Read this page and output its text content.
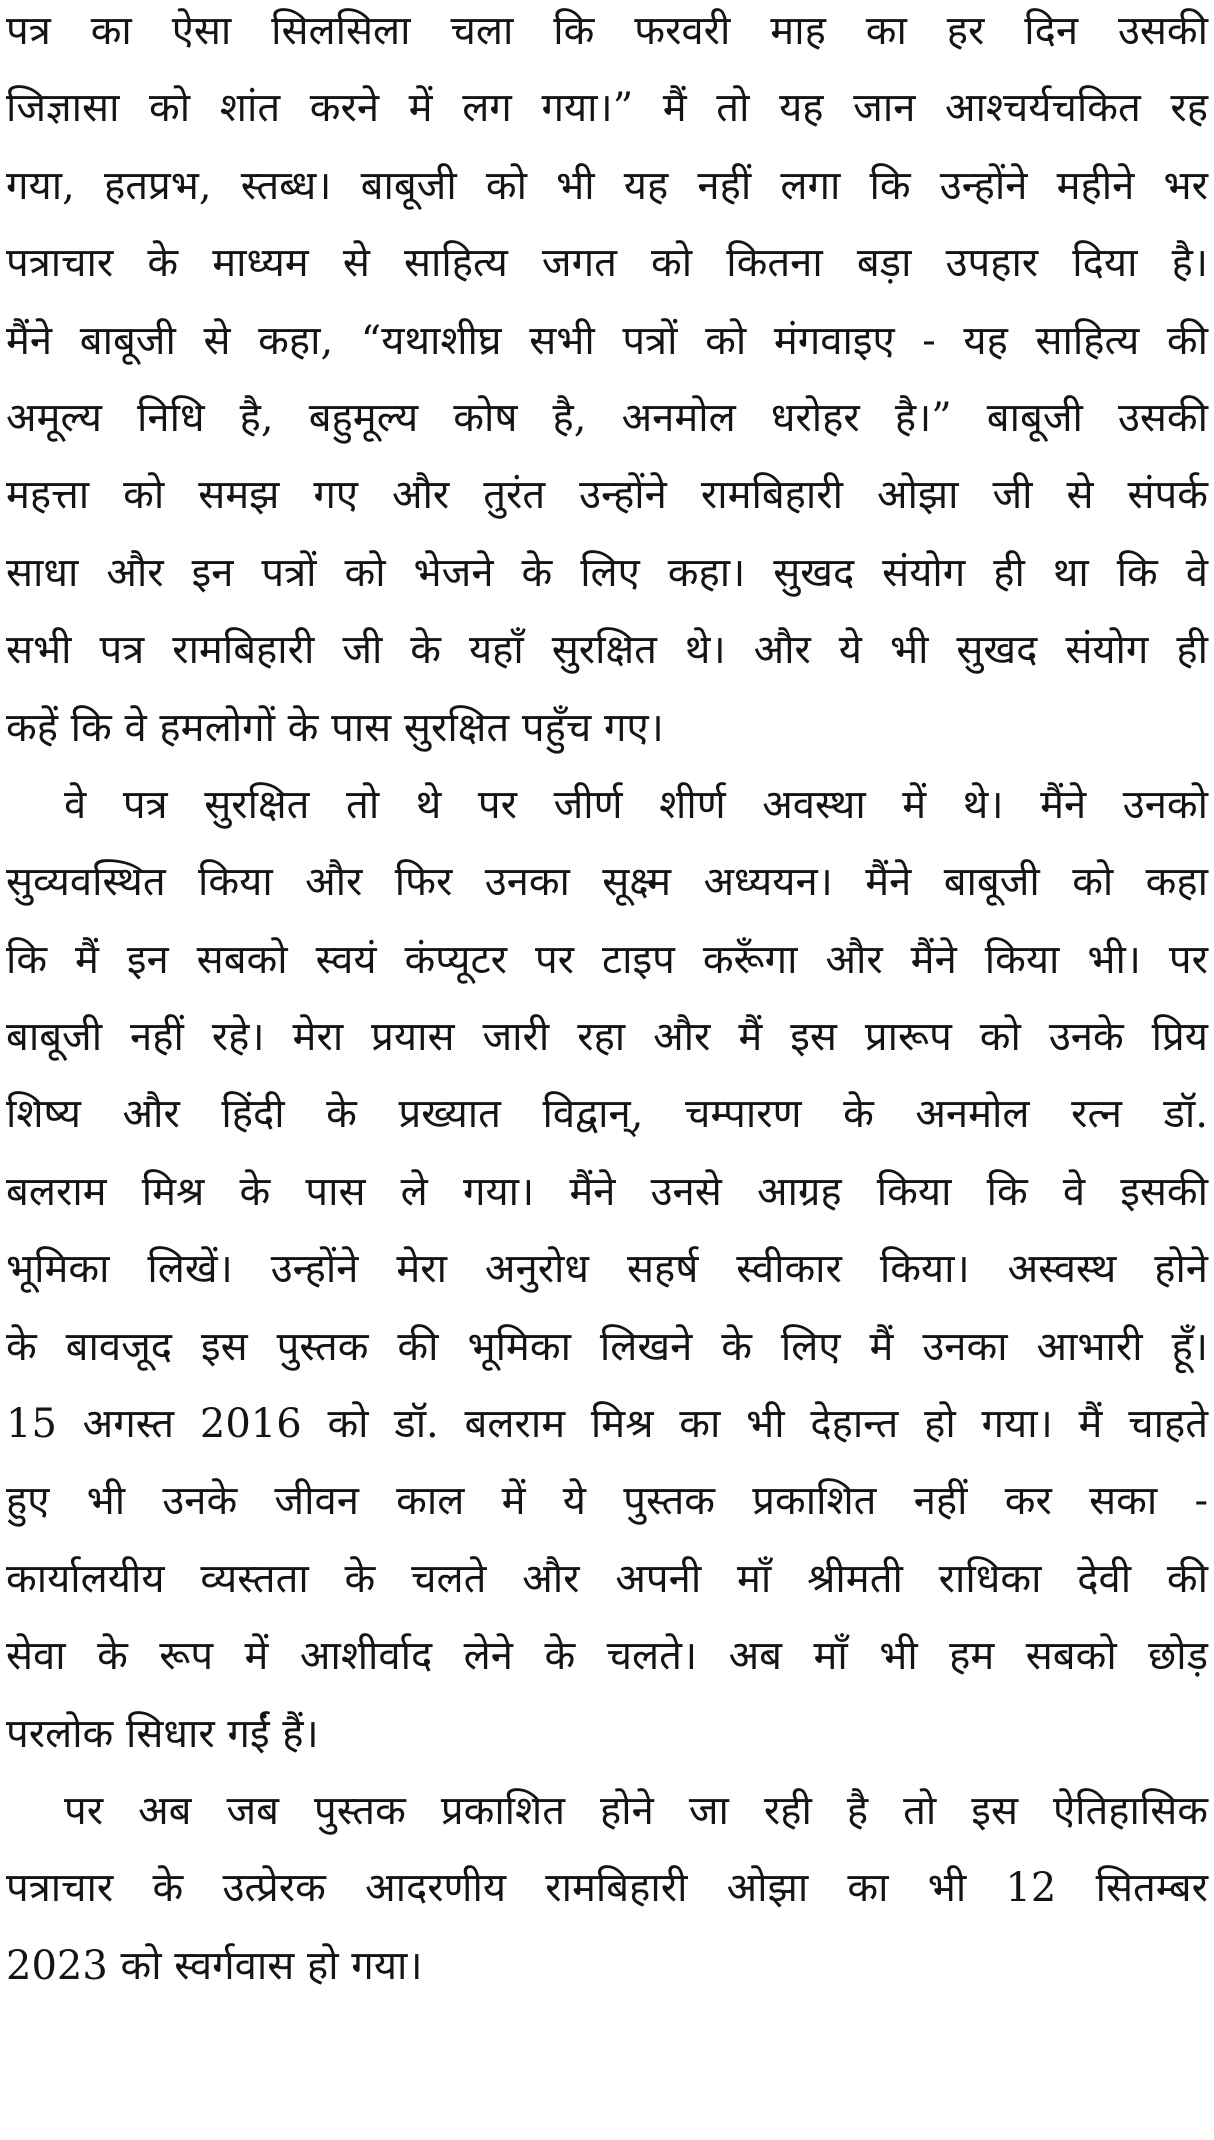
पत्र का ऐसा सिलसिला चला कि फरवरी माह का हर दिन उसकी
जिज्ञासा को शांत करने में लग गया।” मैं तो यह जान आश्चर्यचकित रह
गया, हतप्रभ, स्तब्ध। बाबूजी को भी यह नहीं लगा कि उन्होंने महीने भर
पत्राचार के माध्यम से साहित्य जगत को कितना बड़ा उपहार दिया है।
मैंने बाबूजी से कहा, “यथाशीघ्र सभी पत्रों को मंगवाइए - यह साहित्य की
अमूल्य निधि है, बहुमूल्य कोष है, अनमोल धरोहर है।” बाबूजी उसकी
महत्ता को समझ गए और तुरंत उन्होंने रामबिहारी ओझा जी से संपर्क
साधा और इन पत्रों को भेजने के लिए कहा। सुखद संयोग ही था कि वे
सभी पत्र रामबिहारी जी के यहाँ सुरक्षित थे। और ये भी सुखद संयोग ही
कहें कि वे हमलोगों के पास सुरक्षित पहुँच गए।
वे पत्र सुरक्षित तो थे पर जीर्ण शीर्ण अवस्था में थे। मैंने उनको
सुव्यवस्थित किया और फिर उनका सूक्ष्म अध्ययन। मैंने बाबूजी को कहा
कि मैं इन सबको स्वयं कंप्यूटर पर टाइप करूँगा और मैंने किया भी। पर
बाबूजी नहीं रहे। मेरा प्रयास जारी रहा और मैं इस प्रारूप को उनके प्रिय
शिष्य और हिंदी के प्रख्यात विद्वान्, चम्पारण के अनमोल रत्न डॉ.
बलराम मिश्र के पास ले गया। मैंने उनसे आग्रह किया कि वे इसकी
भूमिका लिखें। उन्होंने मेरा अनुरोध सहर्ष स्वीकार किया। अस्वस्थ होने
के बावजूद इस पुस्तक की भूमिका लिखने के लिए मैं उनका आभारी हूँ।
15 अगस्त 2016 को डॉ. बलराम मिश्र का भी देहान्त हो गया। मैं चाहते
हुए भी उनके जीवन काल में ये पुस्तक प्रकाशित नहीं कर सका -
कार्यालयीय व्यस्तता के चलते और अपनी माँ श्रीमती राधिका देवी की
सेवा के रूप में आशीर्वाद लेने के चलते। अब माँ भी हम सबको छोड़
परलोक सिधार गईं हैं।
पर अब जब पुस्तक प्रकाशित होने जा रही है तो इस ऐतिहासिक
पत्राचार के उत्प्रेरक आदरणीय रामबिहारी ओझा का भी 12 सितम्बर
2023 को स्वर्गवास हो गया।
